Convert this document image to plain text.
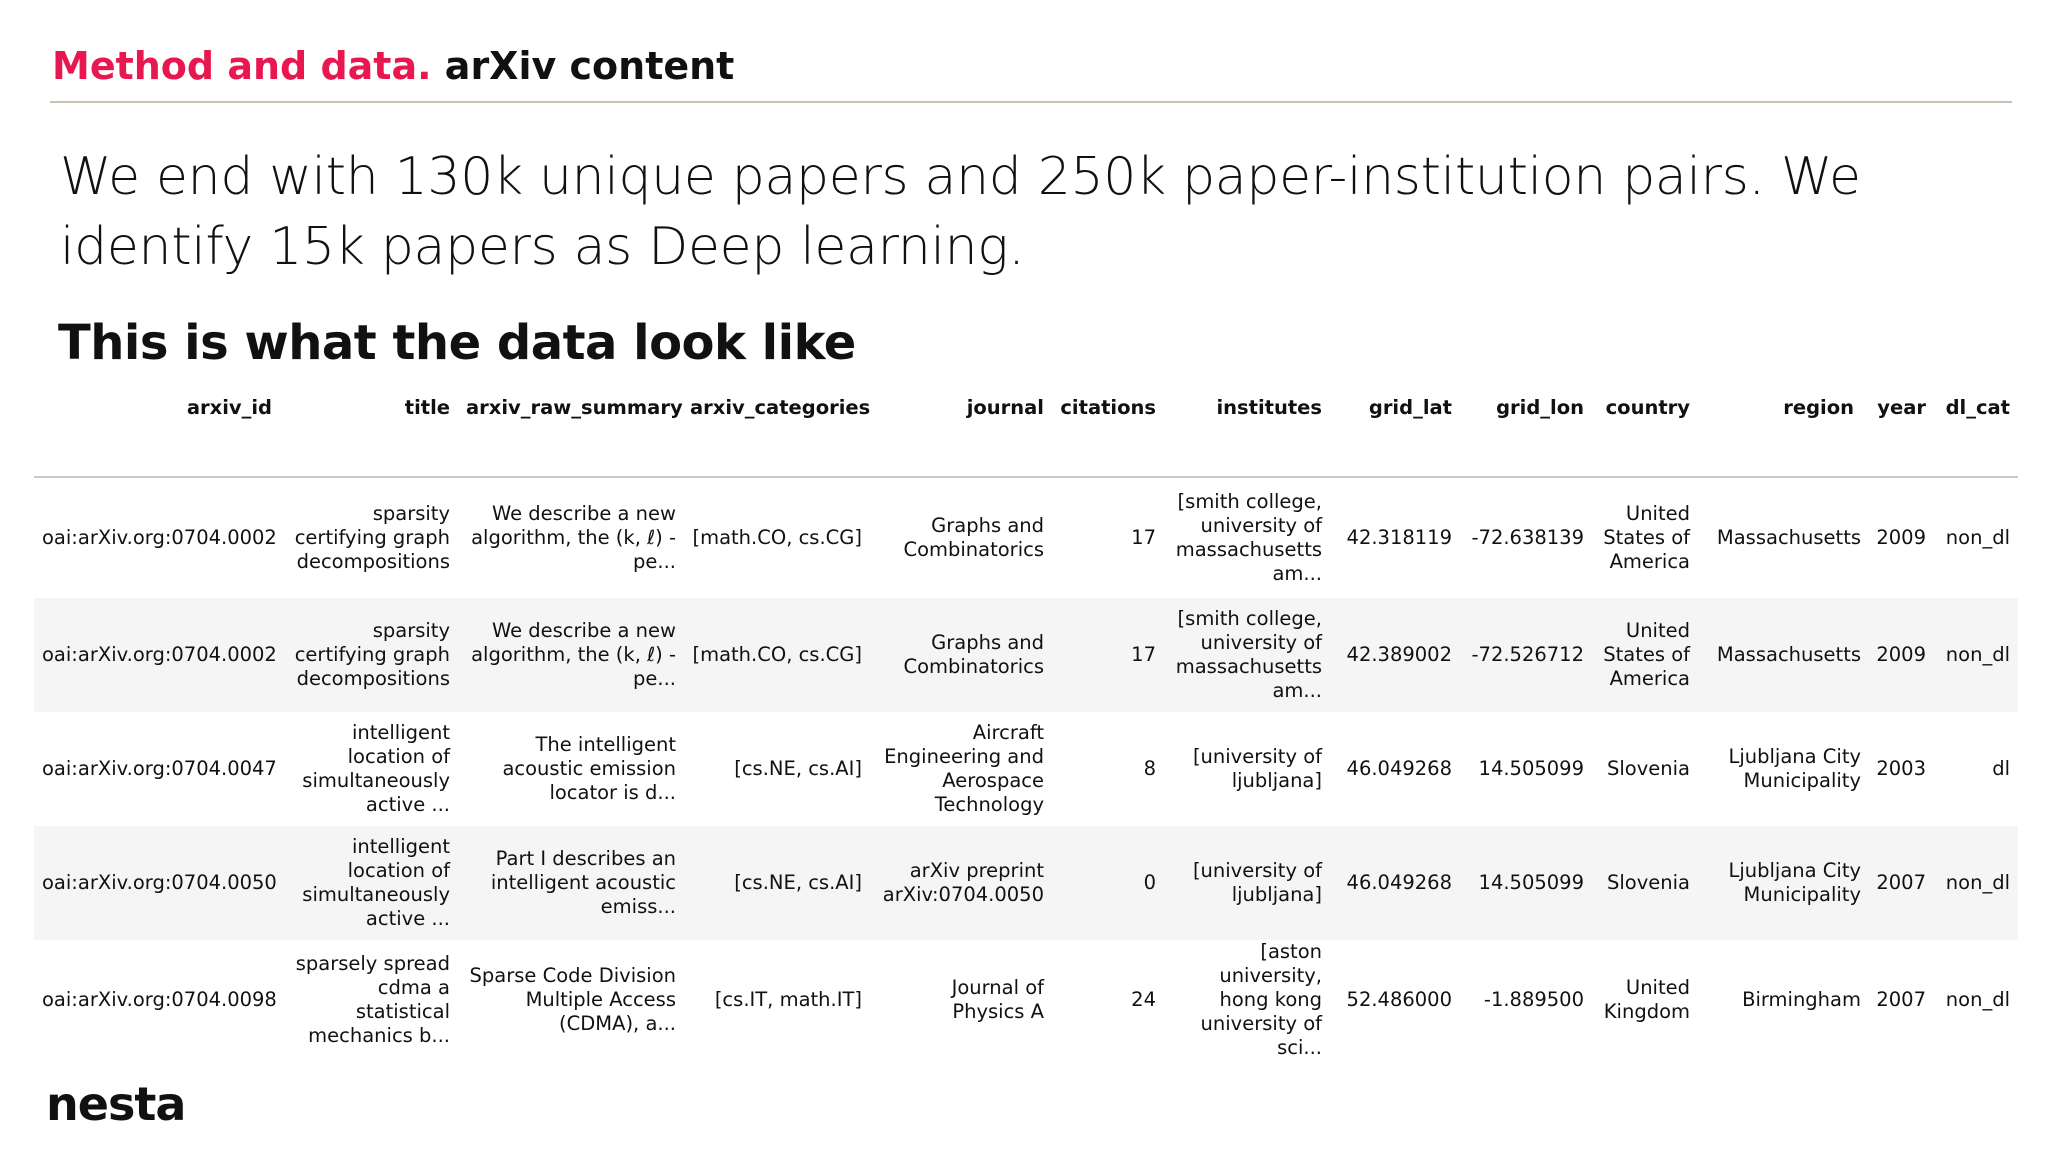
Method and data. arXiv content
We end with 130k unique papers and 250k paper-institution pairs. We identify 15k papers as Deep learning.
This is what the data look like
arxiv_id	title	arxiv_raw_summary	arxiv_categories	journal	citations	institutes	grid_lat	grid_lon	country	region	year	dl_cat
oai:arXiv.org:0704.0002	sparsity certifying graph decompositions	We describe a new algorithm, the (k, ℓ) -pe...	[math.CO, cs.CG]	Graphs and Combinatorics	17	[smith college, university of massachusetts am...	42.318119	-72.638139	United States of America	Massachusetts	2009	non_dl
oai:arXiv.org:0704.0002	sparsity certifying graph decompositions	We describe a new algorithm, the (k, ℓ) -pe...	[math.CO, cs.CG]	Graphs and Combinatorics	17	[smith college, university of massachusetts am...	42.389002	-72.526712	United States of America	Massachusetts	2009	non_dl
oai:arXiv.org:0704.0047	intelligent location of simultaneously active ...	The intelligent acoustic emission locator is d...	[cs.NE, cs.AI]	Aircraft Engineering and Aerospace Technology	8	[university of ljubljana]	46.049268	14.505099	Slovenia	Ljubljana City Municipality	2003	dl
oai:arXiv.org:0704.0050	intelligent location of simultaneously active ...	Part I describes an intelligent acoustic emiss...	[cs.NE, cs.AI]	arXiv preprint arXiv:0704.0050	0	[university of ljubljana]	46.049268	14.505099	Slovenia	Ljubljana City Municipality	2007	non_dl
oai:arXiv.org:0704.0098	sparsely spread cdma a statistical mechanics b...	Sparse Code Division Multiple Access (CDMA), a...	[cs.IT, math.IT]	Journal of Physics A	24	[aston university, hong kong university of sci...	52.486000	-1.889500	United Kingdom	Birmingham	2007	non_dl
nesta
